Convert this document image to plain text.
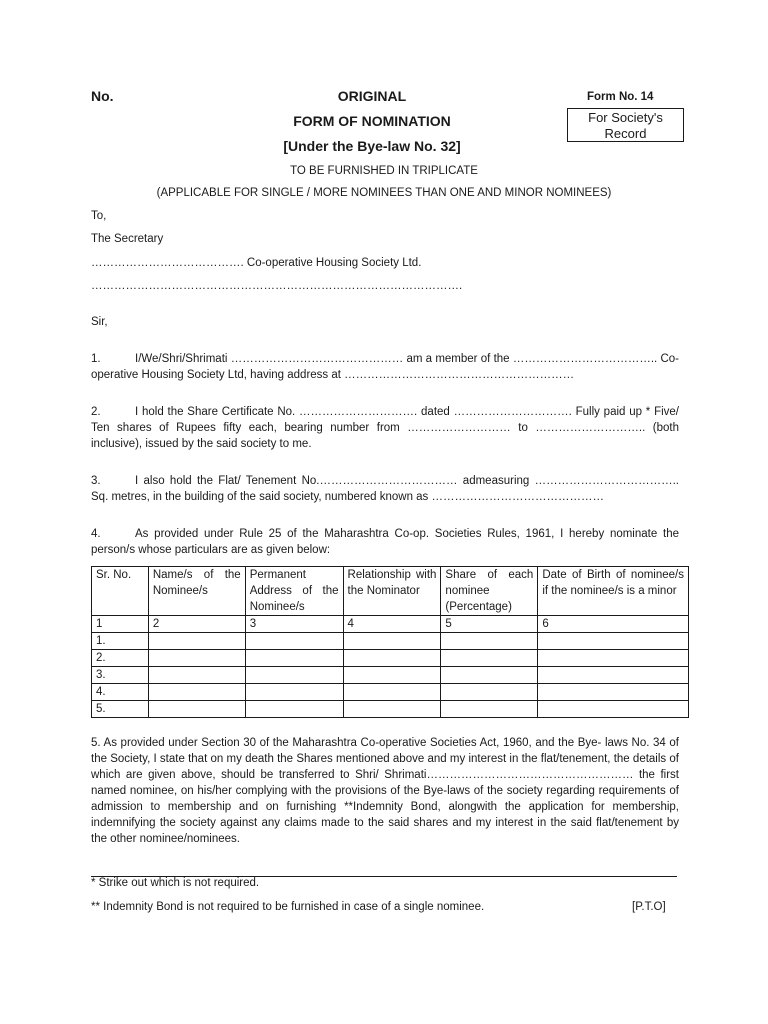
No.	ORIGINAL
FORM OF NOMINATION
[Under the Bye-law No. 32]
Form No. 14
For Society's
Record
TO BE FURNISHED IN TRIPLICATE
(APPLICABLE FOR SINGLE / MORE NOMINEES THAN ONE AND MINOR NOMINEES)
To,
The Secretary
…………………………………. Co-operative Housing Society Ltd.
…………………………………………………………………………………….
Sir,
1.	I/We/Shri/Shrimati ……………………………………… am a member of the ……………………………….. Co-operative Housing Society Ltd, having address at ……………………………………………………
2.	I hold the Share Certificate No. …………………………. dated …………………………. Fully paid up * Five/ Ten shares of Rupees fifty each, bearing number from ……………………… to ……………………….. (both inclusive), issued by the said society to me.
3.	I also hold the Flat/ Tenement No.……………………………… admeasuring ……………………………….. Sq. metres, in the building of the said society, numbered known as ………………………………………
4.	As provided under Rule 25 of the Maharashtra Co-op. Societies Rules, 1961, I hereby nominate the person/s whose particulars are as given below:
Sr. No.	Name/s of the Nominee/s	Permanent Address of the Nominee/s	Relationship with the Nominator	Share of each nominee (Percentage)	Date of Birth of nominee/s if the nominee/s is a minor
1	2	3	4	5	6
1.					
2.					
3.					
4.					
5.					
5. As provided under Section 30 of the Maharashtra Co-operative Societies Act, 1960, and the Bye- laws No. 34 of the Society, I state that on my death the Shares mentioned above and my interest in the flat/tenement, the details of which are given above, should be transferred to Shri/ Shrimati……………………………………………… the first named nominee, on his/her complying with the provisions of the Bye-laws of the society regarding requirements of admission to membership and on furnishing **Indemnity Bond, alongwith the application for membership, indemnifying the society against any claims made to the said shares and my interest in the said flat/tenement by the other nominee/nominees.
* Strike out which is not required.
** Indemnity Bond is not required to be furnished in case of a single nominee.	[P.T.O]
